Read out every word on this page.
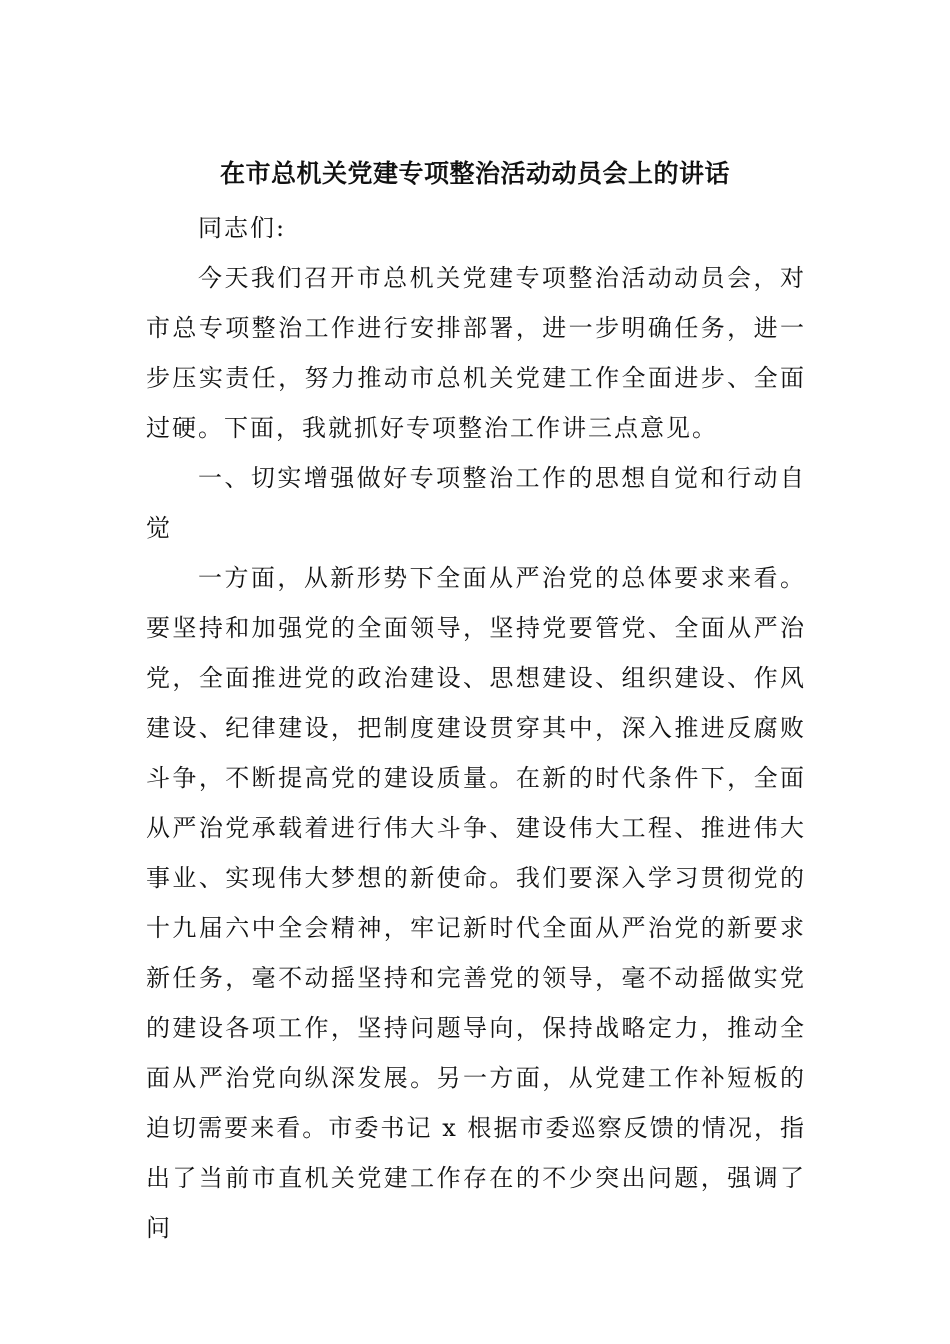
在市总机关党建专项整治活动动员会上的讲话

同志们:

今天我们召开市总机关党建专项整治活动动员会，对市总专项整治工作进行安排部署，进一步明确任务，进一步压实责任，努力推动市总机关党建工作全面进步、全面过硬。下面，我就抓好专项整治工作讲三点意见。

一、切实增强做好专项整治工作的思想自觉和行动自觉

一方面，从新形势下全面从严治党的总体要求来看。要坚持和加强党的全面领导，坚持党要管党、全面从严治党，全面推进党的政治建设、思想建设、组织建设、作风建设、纪律建设，把制度建设贯穿其中，深入推进反腐败斗争，不断提高党的建设质量。在新的时代条件下，全面从严治党承载着进行伟大斗争、建设伟大工程、推进伟大事业、实现伟大梦想的新使命。我们要深入学习贯彻党的十九届六中全会精神，牢记新时代全面从严治党的新要求新任务，毫不动摇坚持和完善党的领导，毫不动摇做实党的建设各项工作，坚持问题导向，保持战略定力，推动全面从严治党向纵深发展。另一方面，从党建工作补短板的迫切需要来看。市委书记 x 根据市委巡察反馈的情况，指出了当前市直机关党建工作存在的不少突出问题，强调了问
